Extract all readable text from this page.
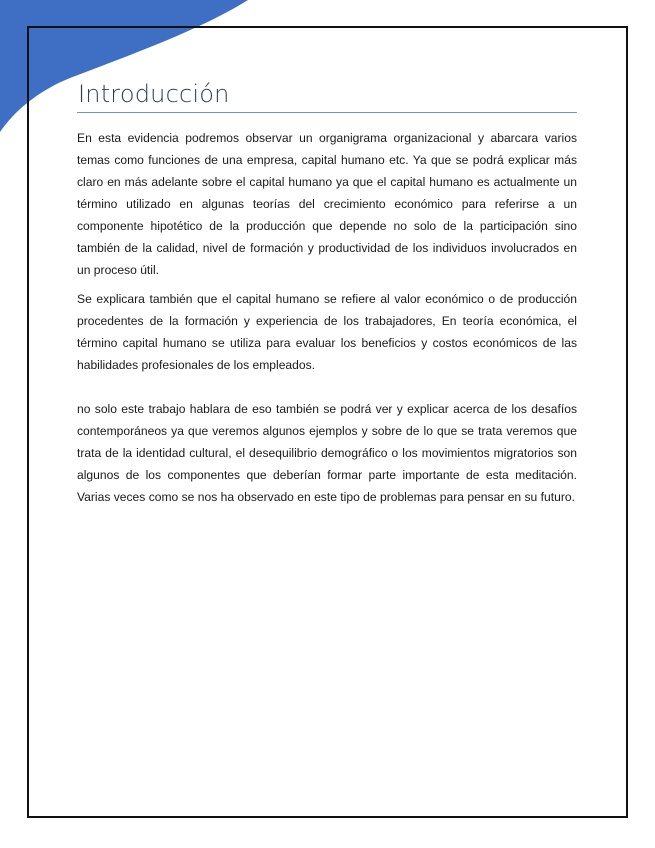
Introducción

En esta evidencia podremos observar un organigrama organizacional y abarcara varios temas como funciones de una empresa, capital humano etc. Ya que se podrá explicar más claro en más adelante sobre el capital humano ya que el capital humano es actualmente un término utilizado en algunas teorías del crecimiento económico para referirse a un componente hipotético de la producción que depende no solo de la participación sino también de la calidad, nivel de formación y productividad de los individuos involucrados en un proceso útil.

Se explicara también que el capital humano se refiere al valor económico o de producción procedentes de la formación y experiencia de los trabajadores, En teoría económica, el término capital humano se utiliza para evaluar los beneficios y costos económicos de las habilidades profesionales de los empleados.

no solo este trabajo hablara de eso también se podrá ver y explicar acerca de los desafíos contemporáneos ya que veremos algunos ejemplos y sobre de lo que se trata veremos que trata de la identidad cultural, el desequilibrio demográfico o los movimientos migratorios son algunos de los componentes que deberían formar parte importante de esta meditación. Varias veces como se nos ha observado en este tipo de problemas para pensar en su futuro.
